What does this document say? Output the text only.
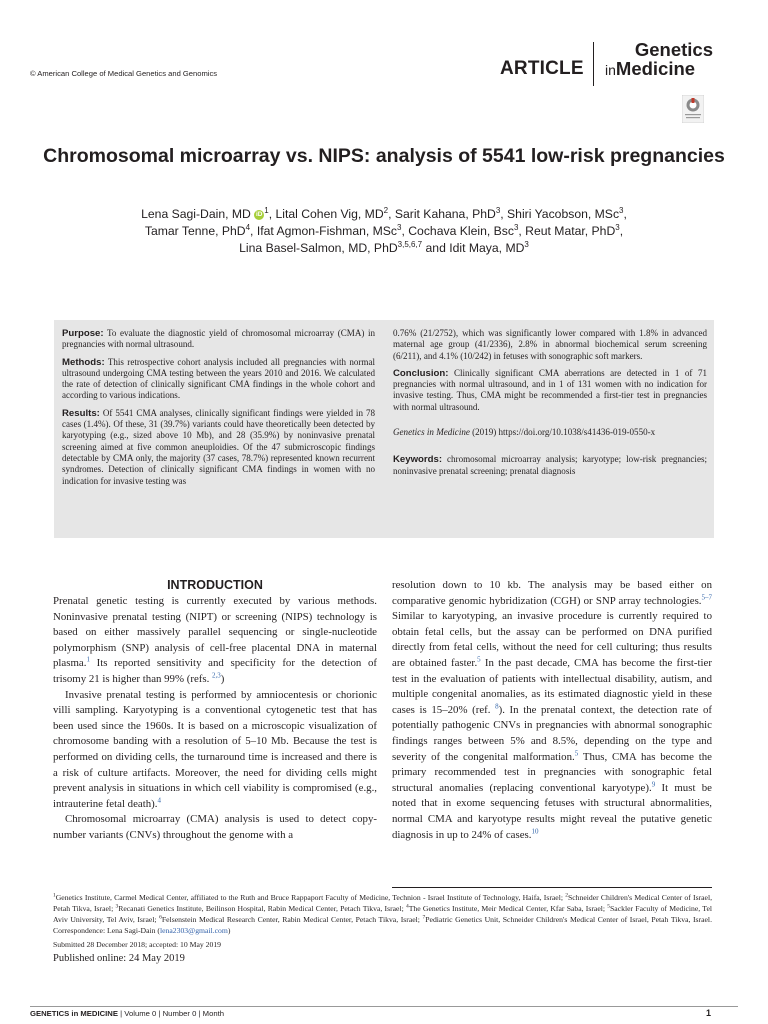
© American College of Medical Genetics and Genomics	ARTICLE
Genetics
inMedicine
Chromosomal microarray vs. NIPS: analysis of 5541 low-risk pregnancies
Lena Sagi-Dain, MD iD $^1$, Lital Cohen Vig, $MD^2$, Sarit Kahana, PhD$^3$, Shiri Yacobson, MSc$^3$,
Tamar Tenne, PhD$^4$, Ifat Agmon-Fishman, MSc$^3$, Cochava Klein, Bsc$^3$, Reut Matar, PhD$^3$,
Lina Basel-Salmon, MD, PhD$^{3,5,6,7}$ and Idit Maya, $MD^3$

Purpose: To evaluate the diagnostic yield of chromosomal microarray (CMA) in pregnancies with normal ultrasound.

Methods: This retrospective cohort analysis included all pregnancies with normal ultrasound undergoing CMA testing between the years 2010 and 2016. We calculated the rate of detection of clinically significant CMA findings in the whole cohort and according to various indications.

Results: Of 5541 CMA analyses, clinically significant findings were yielded in 78 cases (1.4%). Of these, 31 (39.7%) variants could have theoretically been detected by karyotyping (e.g., sized above 10 Mb), and 28 (35.9%) by noninvasive prenatal screening aimed at five common aneuploidies. Of the 47 submicroscopic findings detectable by CMA only, the majority (37 cases, 78.7%) represented known recurrent syndromes. Detection of clinically significant CMA findings in women with no indication for invasive testing was

0.76% (21/2752), which was significantly lower compared with 1.8% in advanced maternal age group (41/2336), 2.8% in abnormal biochemical serum screening (6/211), and 4.1% (10/242) in fetuses with sonographic soft markers.

Conclusion: Clinically significant CMA aberrations are detected in 1 of 71 pregnancies with normal ultrasound, and in 1 of 131 women with no indication for invasive testing. Thus, CMA might be recommended a first-tier test in pregnancies with normal ultrasound.

Genetics in Medicine (2019) https://doi.org/10.1038/s41436-019-0550-x

Keywords: chromosomal microarray analysis; karyotype; low-risk pregnancies; noninvasive prenatal screening; prenatal diagnosis

INTRODUCTION

Prenatal genetic testing is currently executed by various methods. Noninvasive prenatal testing (NIPT) or screening (NIPS) technology is based on either massively parallel sequencing or single-nucleotide polymorphism (SNP) analysis of cell-free placental DNA in maternal plasma.$^1$ Its reported sensitivity and specificity for the detection of trisomy 21 is higher than 99% (refs. $^{2,3}$)

Invasive prenatal testing is performed by amniocentesis or chorionic villi sampling. Karyotyping is a conventional cytogenetic test that has been used since the 1960s. It is based on a microscopic visualization of chromosome banding with a resolution of 5–10 Mb. Because the test is performed on dividing cells, the turnaround time is increased and there is a risk of culture artifacts. Moreover, the need for dividing cells might prevent analysis in situations in which cell viability is compromised (e.g., intrauterine fetal death).$^4$

Chromosomal microarray (CMA) analysis is used to detect copy-number variants (CNVs) throughout the genome with a

resolution down to 10 kb. The analysis may be based either on comparative genomic hybridization (CGH) or SNP array technologies.$^{5-7}$ Similar to karyotyping, an invasive procedure is currently required to obtain fetal cells, but the assay can be performed on DNA purified directly from fetal cells, without the need for cell culturing; thus results are obtained faster.$^5$ In the past decade, CMA has become the first-tier test in the evaluation of patients with intellectual disability, autism, and multiple congenital anomalies, as its estimated diagnostic yield in these cases is 15–20% (ref. $^8$). In the prenatal context, the detection rate of potentially pathogenic CNVs in pregnancies with abnormal sonographic findings ranges between 5% and 8.5%, depending on the type and severity of the congenital malformation.$^5$ Thus, CMA has become the primary recommended test in pregnancies with sonographic fetal structural anomalies (replacing conventional karyotype).$^9$ It must be noted that in exome sequencing fetuses with structural abnormalities, normal CMA and karyotype results might reveal the putative genetic diagnosis in up to 24% of cases.$^{10}$

$^1$Genetics Institute, Carmel Medical Center, affiliated to the Ruth and Bruce Rappaport Faculty of Medicine, Technion - Israel Institute of Technology, Haifa, Israel; $^2$Schneider Children's Medical Center of Israel, Petah Tikva, Israel; $^3$Recanati Genetics Institute, Beilinson Hospital, Rabin Medical Center, Petach Tikva, Israel; $^4$The Genetics Institute, Meir Medical Center, Kfar Saba, Israel; $^5$Sackler Faculty of Medicine, Tel Aviv University, Tel Aviv, Israel; $^6$Felsenstein Medical Research Center, Rabin Medical Center, Petach Tikva, Israel; $^7$Pediatric Genetics Unit, Schneider Children's Medical Center of Israel, Petah Tikva, Israel. Correspondence: Lena Sagi-Dain (lena2303@gmail.com)
Submitted 28 December 2018; accepted: 10 May 2019
Published online: 24 May 2019
GENETICS in MEDICINE | Volume 0 | Number 0 | Month	1
